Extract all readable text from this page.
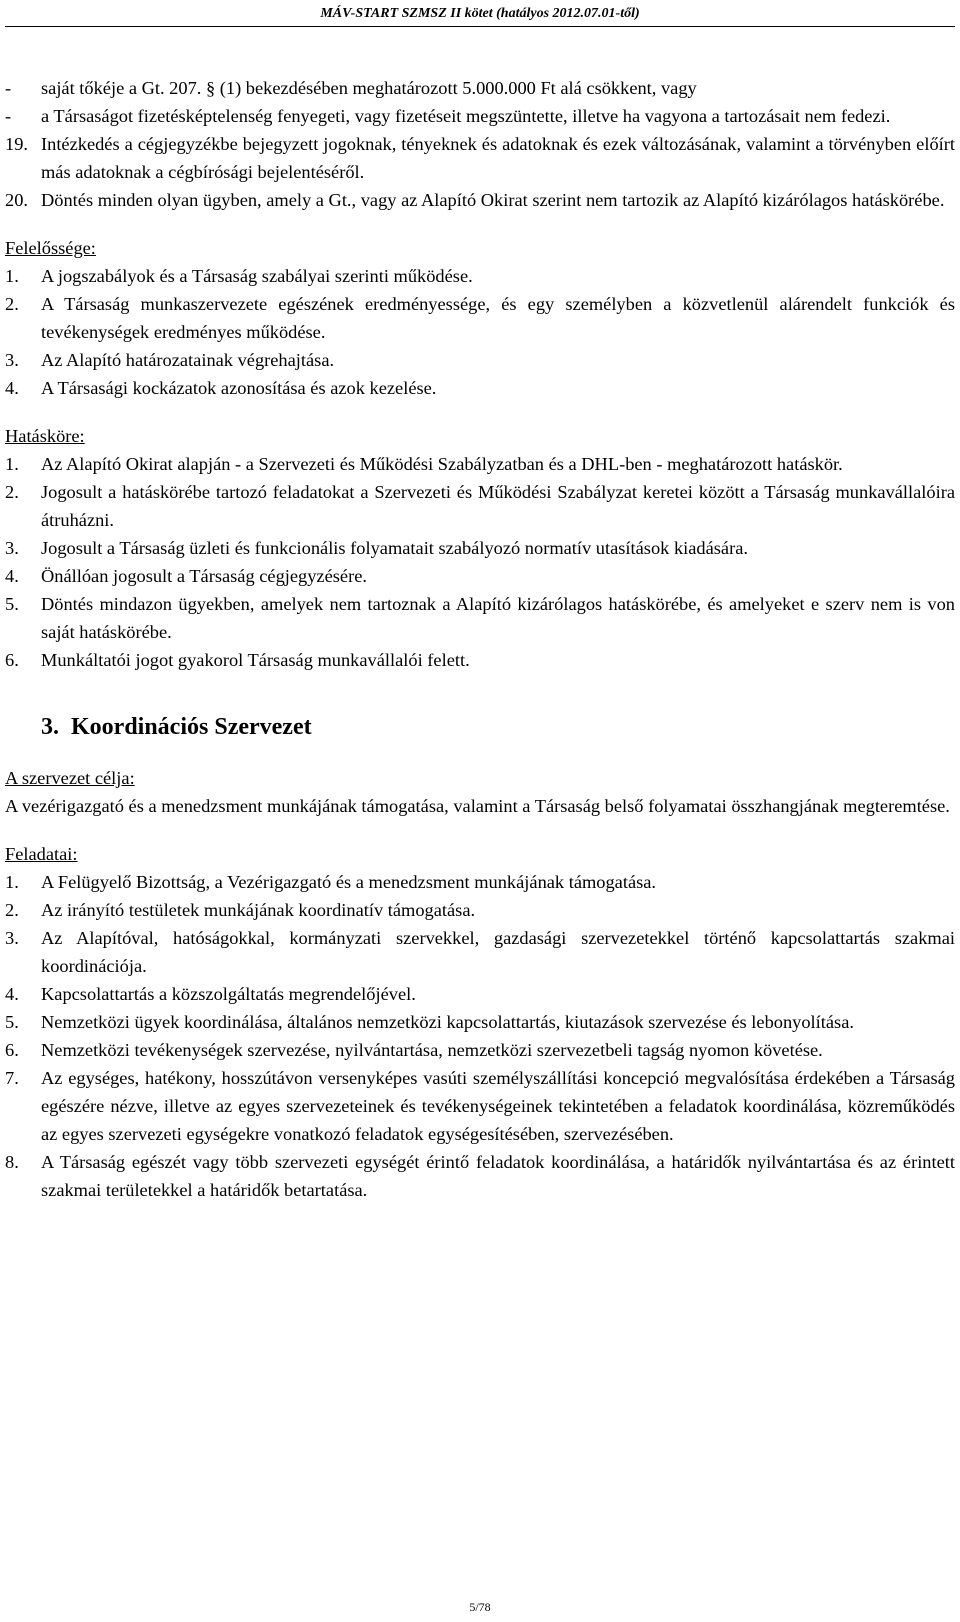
MÁV-START SZMSZ II kötet (hatályos 2012.07.01-től)
-	saját tőkéje a Gt. 207. § (1) bekezdésében meghatározott 5.000.000 Ft alá csökkent, vagy
-	a Társaságot fizetésképtelenség fenyegeti, vagy fizetéseit megszüntette, illetve ha vagyona a tartozásait nem fedezi.
19. Intézkedés a cégjegyzékbe bejegyzett jogoknak, tényeknek és adatoknak és ezek változásának, valamint a törvényben előírt más adatoknak a cégbírósági bejelentéséről.
20. Döntés minden olyan ügyben, amely a Gt., vagy az Alapító Okirat szerint nem tartozik az Alapító kizárólagos hatáskörébe.
Felelőssége:
1.	A jogszabályok és a Társaság szabályai szerinti működése.
2.	A Társaság munkaszervezete egészének eredményessége, és egy személyben a közvetlenül alárendelt funkciók és tevékenységek eredményes működése.
3.	Az Alapító határozatainak végrehajtása.
4.	A Társasági kockázatok azonosítása és azok kezelése.
Hatásköre:
1.	Az Alapító Okirat alapján - a Szervezeti és Működési Szabályzatban és a DHL-ben - meghatározott hatáskör.
2.	Jogosult a hatáskörébe tartozó feladatokat a Szervezeti és Működési Szabályzat keretei között a Társaság munkavállalóira átruházni.
3.	Jogosult a Társaság üzleti és funkcionális folyamatait szabályozó normatív utasítások kiadására.
4.	Önállóan jogosult a Társaság cégjegyzésére.
5.	Döntés mindazon ügyekben, amelyek nem tartoznak a Alapító kizárólagos hatáskörébe, és amelyeket e szerv nem is von saját hatáskörébe.
6.	Munkáltatói jogot gyakorol Társaság munkavállalói felett.
3. Koordinációs Szervezet
A szervezet célja:
A vezérigazgató és a menedzsment munkájának támogatása, valamint a Társaság belső folyamatai összhangjának megteremtése.
Feladatai:
1.	A Felügyelő Bizottság, a Vezérigazgató és a menedzsment munkájának támogatása.
2.	Az irányító testületek munkájának koordinatív támogatása.
3.	Az Alapítóval, hatóságokkal, kormányzati szervekkel, gazdasági szervezetekkel történő kapcsolattartás szakmai koordinációja.
4.	Kapcsolattartás a közszolgáltatás megrendelőjével.
5.	Nemzetközi ügyek koordinálása, általános nemzetközi kapcsolattartás, kiutazások szervezése és lebonyolítása.
6.	Nemzetközi tevékenységek szervezése, nyilvántartása, nemzetközi szervezetbeli tagság nyomon követése.
7.	Az egységes, hatékony, hosszútávon versenyképes vasúti személyszállítási koncepció megvalósítása érdekében a Társaság egészére nézve, illetve az egyes szervezeteinek és tevékenységeinek tekintetében a feladatok koordinálása, közreműködés az egyes szervezeti egységekre vonatkozó feladatok egységesítésében, szervezésében.
8.	A Társaság egészét vagy több szervezeti egységét érintő feladatok koordinálása, a határidők nyilvántartása és az érintett szakmai területekkel a határidők betartatása.
5/78
